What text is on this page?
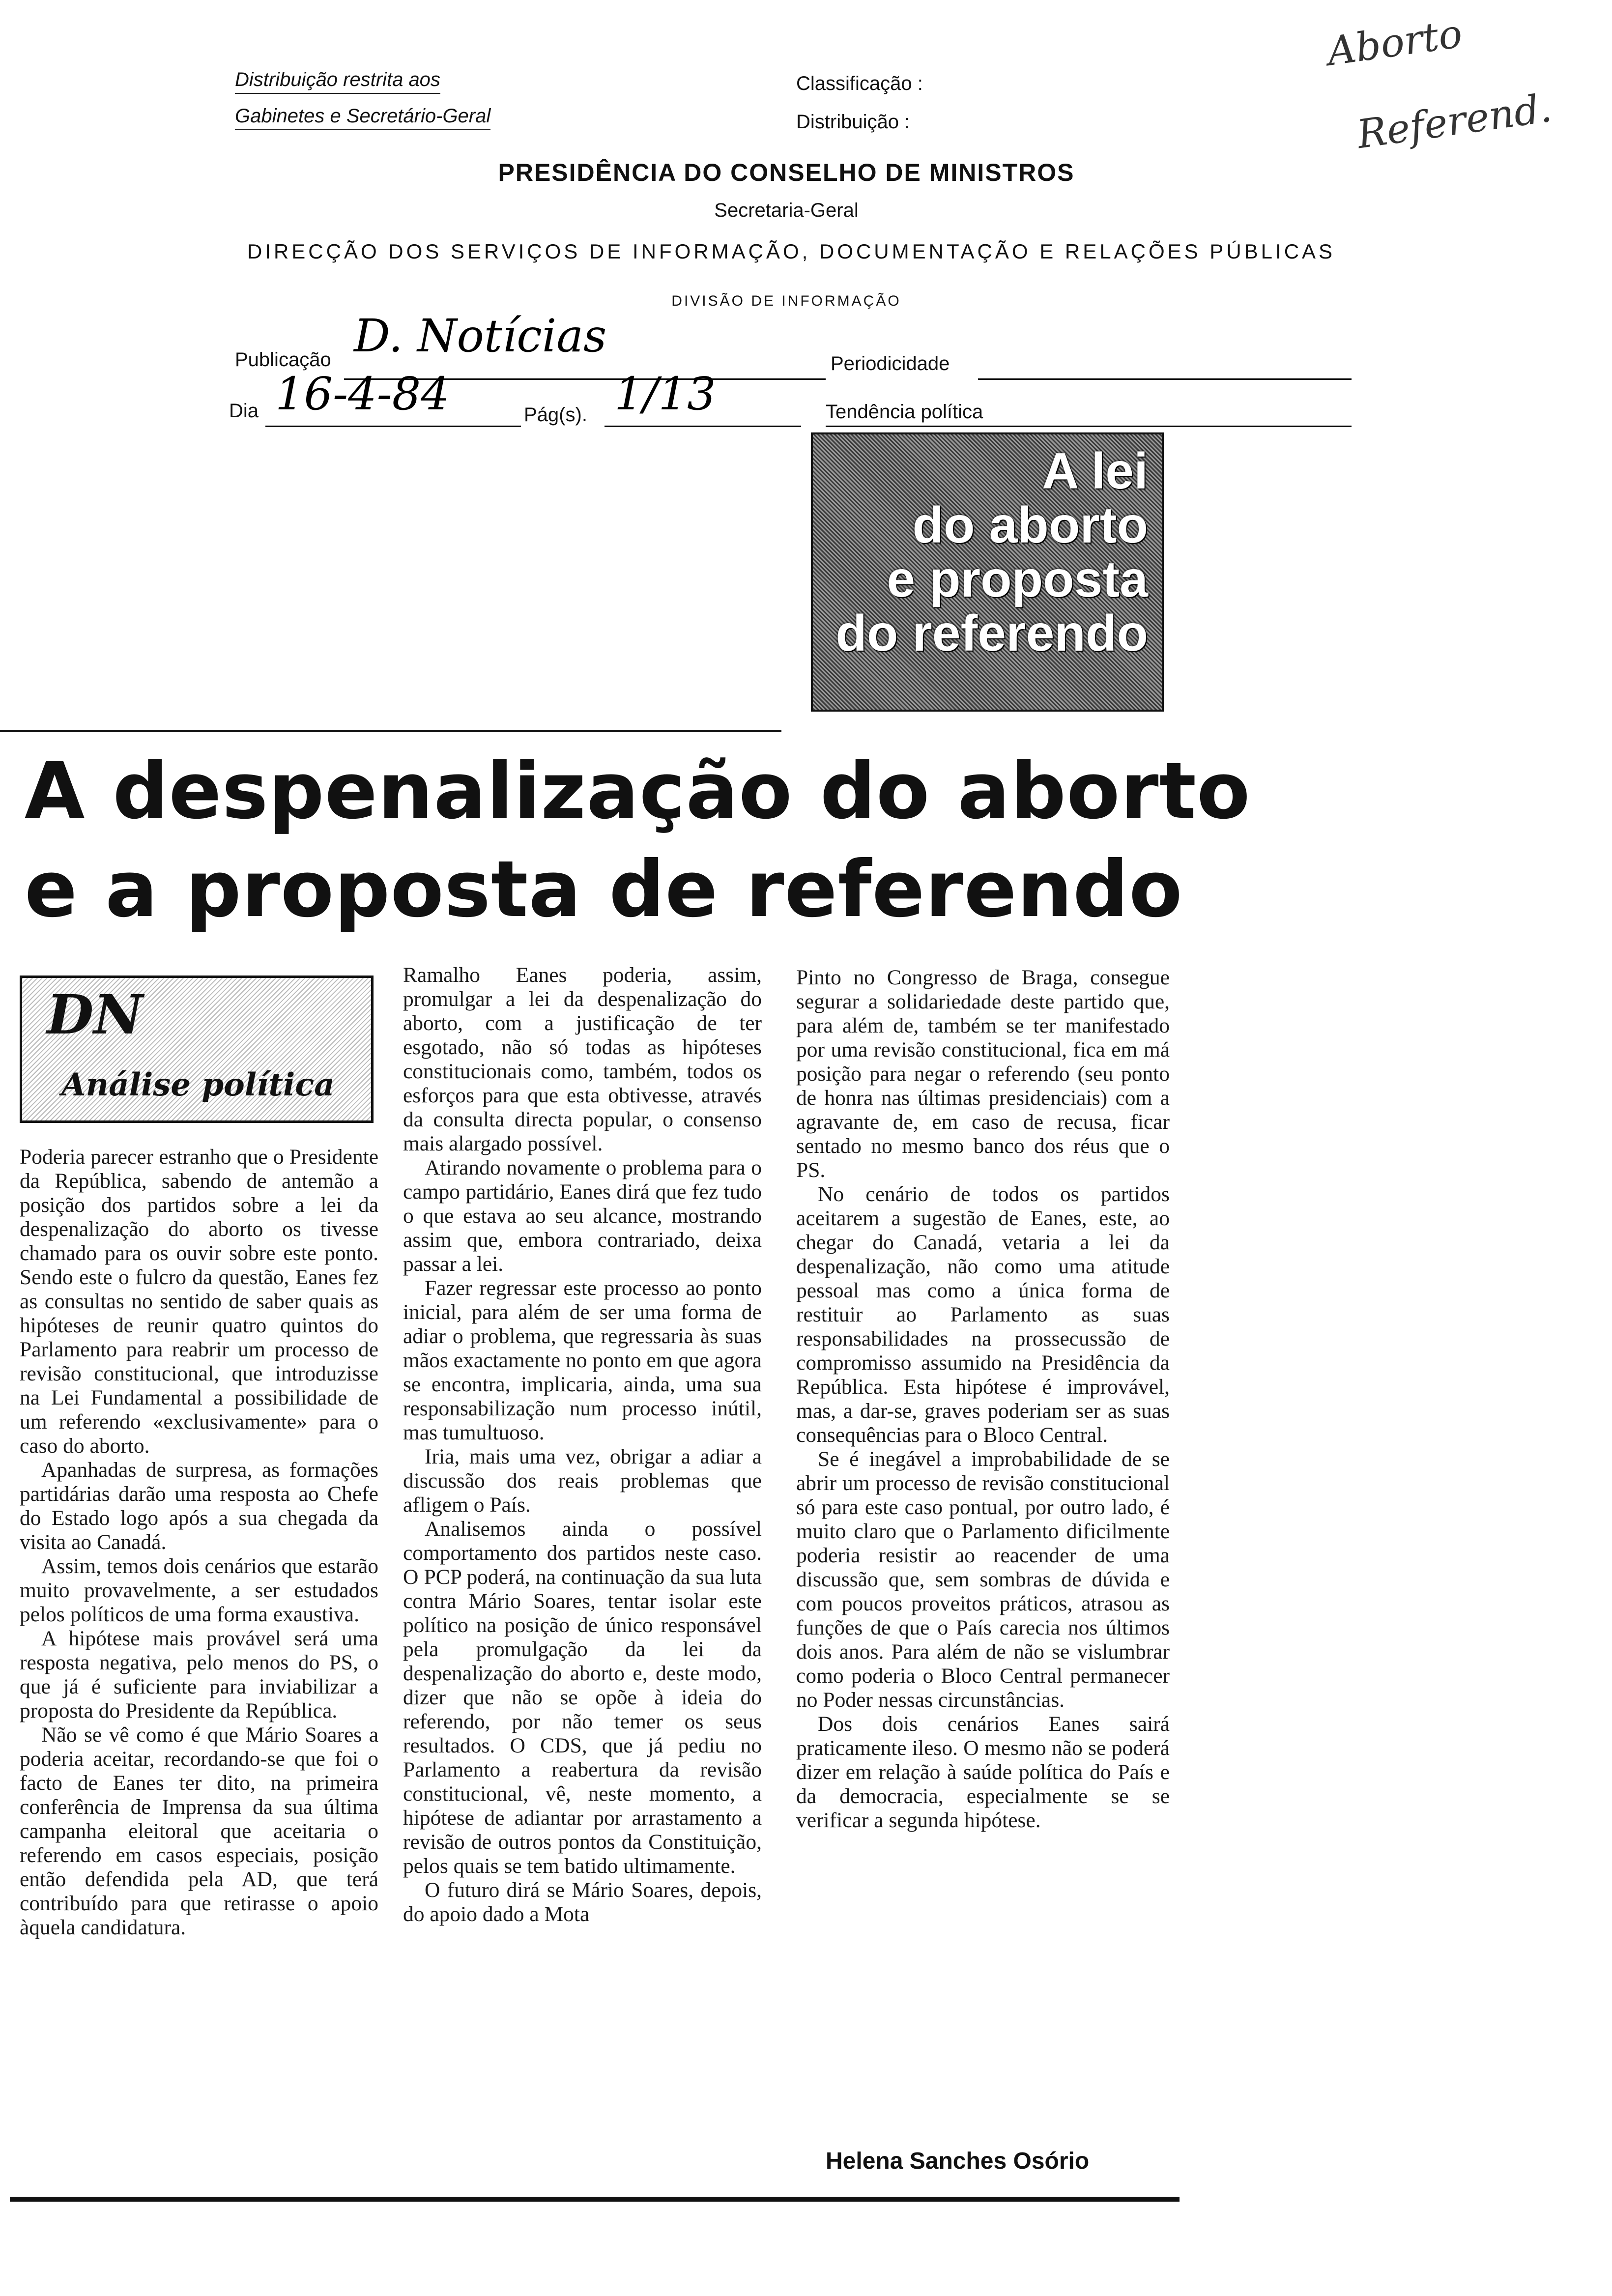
Distribuição restrita aos
Gabinetes e Secretário-Geral
Classificação :
Distribuição :
Aborto
Referend.
PRESIDÊNCIA DO CONSELHO DE MINISTROS
Secretaria-Geral
DIRECÇÃO DOS SERVIÇOS DE INFORMAÇÃO, DOCUMENTAÇÃO E RELAÇÕES PÚBLICAS
DIVISÃO DE INFORMAÇÃO
Publicação D. Notícias
Periodicidade
Dia 16-4-84	Pág(s). 1/13	Tendência política
A lei
do aborto
e proposta
do referendo
A despenalização do aborto
e a proposta de referendo
DN
Análise política

Poderia parecer estranho que o Presidente da República, sabendo de antemão a posição dos partidos sobre a lei da despenalização do aborto os tivesse chamado para os ouvir sobre este ponto. Sendo este o fulcro da questão, Eanes fez as consultas no sentido de saber quais as hipóteses de reunir quatro quintos do Parlamento para reabrir um processo de revisão constitucional, que introduzisse na Lei Fundamental a possibilidade de um referendo «exclusivamente» para o caso do aborto.

Apanhadas de surpresa, as formações partidárias darão uma resposta ao Chefe do Estado logo após a sua chegada da visita ao Canadá.

Assim, temos dois cenários que estarão muito provavelmente, a ser estudados pelos políticos de uma forma exaustiva.

A hipótese mais provável será uma resposta negativa, pelo menos do PS, o que já é suficiente para inviabilizar a proposta do Presidente da República.

Não se vê como é que Mário Soares a poderia aceitar, recordando-se que foi o facto de Eanes ter dito, na primeira conferência de Imprensa da sua última campanha eleitoral que aceitaria o referendo em casos especiais, posição então defendida pela AD, que terá contribuído para que retirasse o apoio àquela candidatura.

Ramalho Eanes poderia, assim, promulgar a lei da despenalização do aborto, com a justificação de ter esgotado, não só todas as hipóteses constitucionais como, também, todos os esforços para que esta obtivesse, através da consulta directa popular, o consenso mais alargado possível.

Atirando novamente o problema para o campo partidário, Eanes dirá que fez tudo o que estava ao seu alcance, mostrando assim que, embora contrariado, deixa passar a lei.

Fazer regressar este processo ao ponto inicial, para além de ser uma forma de adiar o problema, que regressaria às suas mãos exactamente no ponto em que agora se encontra, implicaria, ainda, uma sua responsabilização num processo inútil, mas tumultuoso.

Iria, mais uma vez, obrigar a adiar a discussão dos reais problemas que afligem o País.

Analisemos ainda o possível comportamento dos partidos neste caso. O PCP poderá, na continuação da sua luta contra Mário Soares, tentar isolar este político na posição de único responsável pela promulgação da lei da despenalização do aborto e, deste modo, dizer que não se opõe à ideia do referendo, por não temer os seus resultados. O CDS, que já pediu no Parlamento a reabertura da revisão constitucional, vê, neste momento, a hipótese de adiantar por arrastamento a revisão de outros pontos da Constituição, pelos quais se tem batido ultimamente.

O futuro dirá se Mário Soares, depois, do apoio dado a Mota

Pinto no Congresso de Braga, consegue segurar a solidariedade deste partido que, para além de, também se ter manifestado por uma revisão constitucional, fica em má posição para negar o referendo (seu ponto de honra nas últimas presidenciais) com a agravante de, em caso de recusa, ficar sentado no mesmo banco dos réus que o PS.

No cenário de todos os partidos aceitarem a sugestão de Eanes, este, ao chegar do Canadá, vetaria a lei da despenalização, não como uma atitude pessoal mas como a única forma de restituir ao Parlamento as suas responsabilidades na prossecussão de compromisso assumido na Presidência da República. Esta hipótese é improvável, mas, a dar-se, graves poderiam ser as suas consequências para o Bloco Central.

Se é inegável a improbabilidade de se abrir um processo de revisão constitucional só para este caso pontual, por outro lado, é muito claro que o Parlamento dificilmente poderia resistir ao reacender de uma discussão que, sem sombras de dúvida e com poucos proveitos práticos, atrasou as funções de que o País carecia nos últimos dois anos. Para além de não se vislumbrar como poderia o Bloco Central permanecer no Poder nessas circunstâncias.

Dos dois cenários Eanes sairá praticamente ileso. O mesmo não se poderá dizer em relação à saúde política do País e da democracia, especialmente se se verificar a segunda hipótese.

Helena Sanches Osório
